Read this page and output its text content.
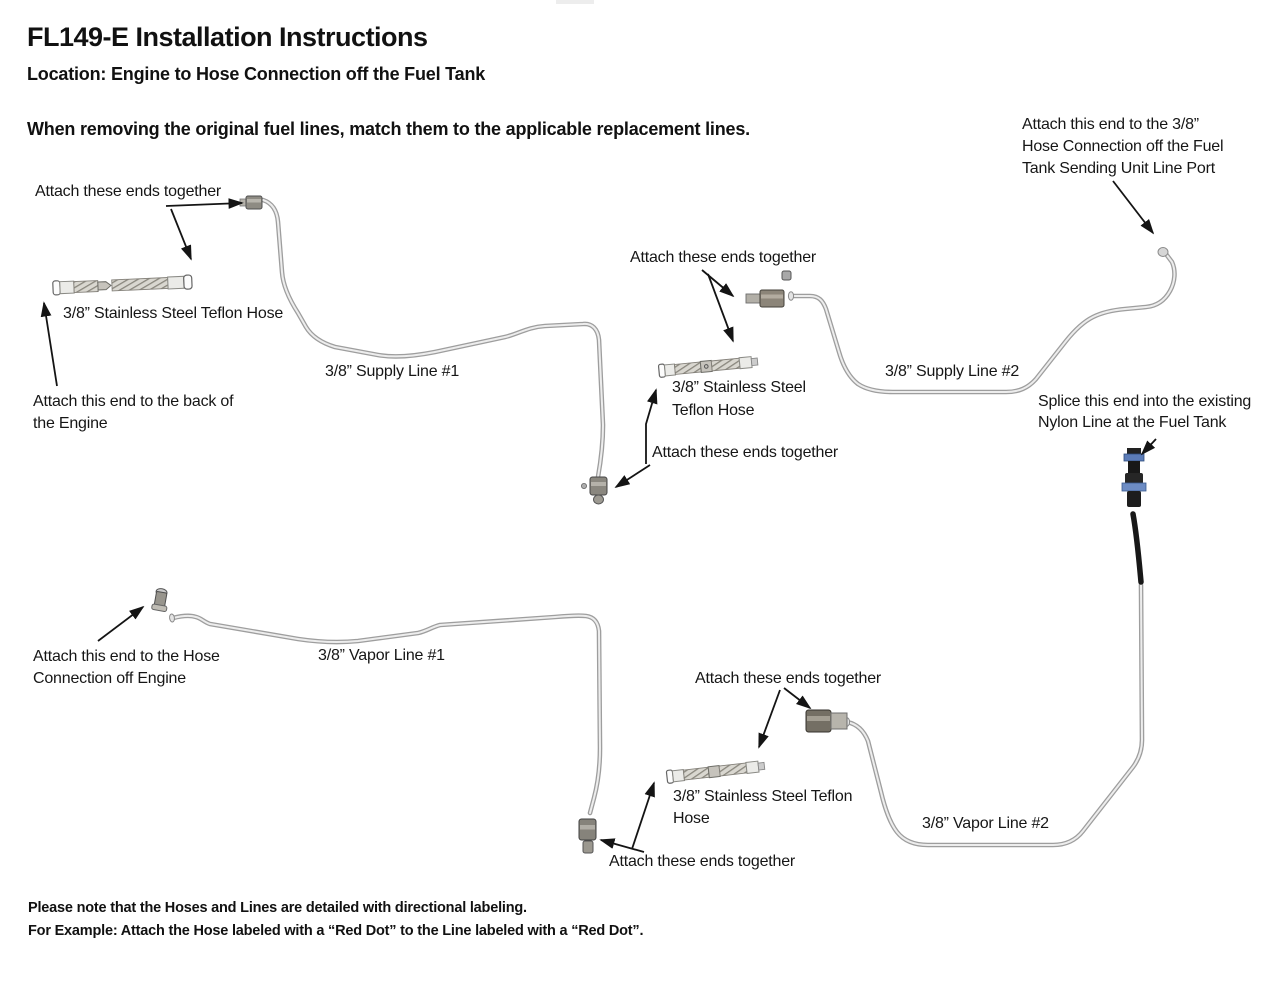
FL149-E Installation Instructions
Location: Engine to Hose Connection off the Fuel Tank
When removing the original fuel lines, match them to the applicable replacement lines.
Attach these ends together
3/8” Stainless Steel Teflon Hose
Attach this end to the back of
the Engine
3/8” Supply Line #1
Attach these ends together
3/8” Stainless Steel
Teflon Hose
Attach these ends together
3/8” Supply Line #2
Attach this end to the 3/8”
Hose Connection off the Fuel
Tank Sending Unit Line Port
Splice this end into the existing
Nylon Line at the Fuel Tank
Attach this end to the Hose
Connection off Engine
3/8” Vapor Line #1
Attach these ends together
3/8” Stainless Steel Teflon
Hose	3/8” Vapor Line #2
Attach these ends together
Please note that the Hoses and Lines are detailed with directional labeling.
For Example: Attach the Hose labeled with a “Red Dot” to the Line labeled with a “Red Dot”.
